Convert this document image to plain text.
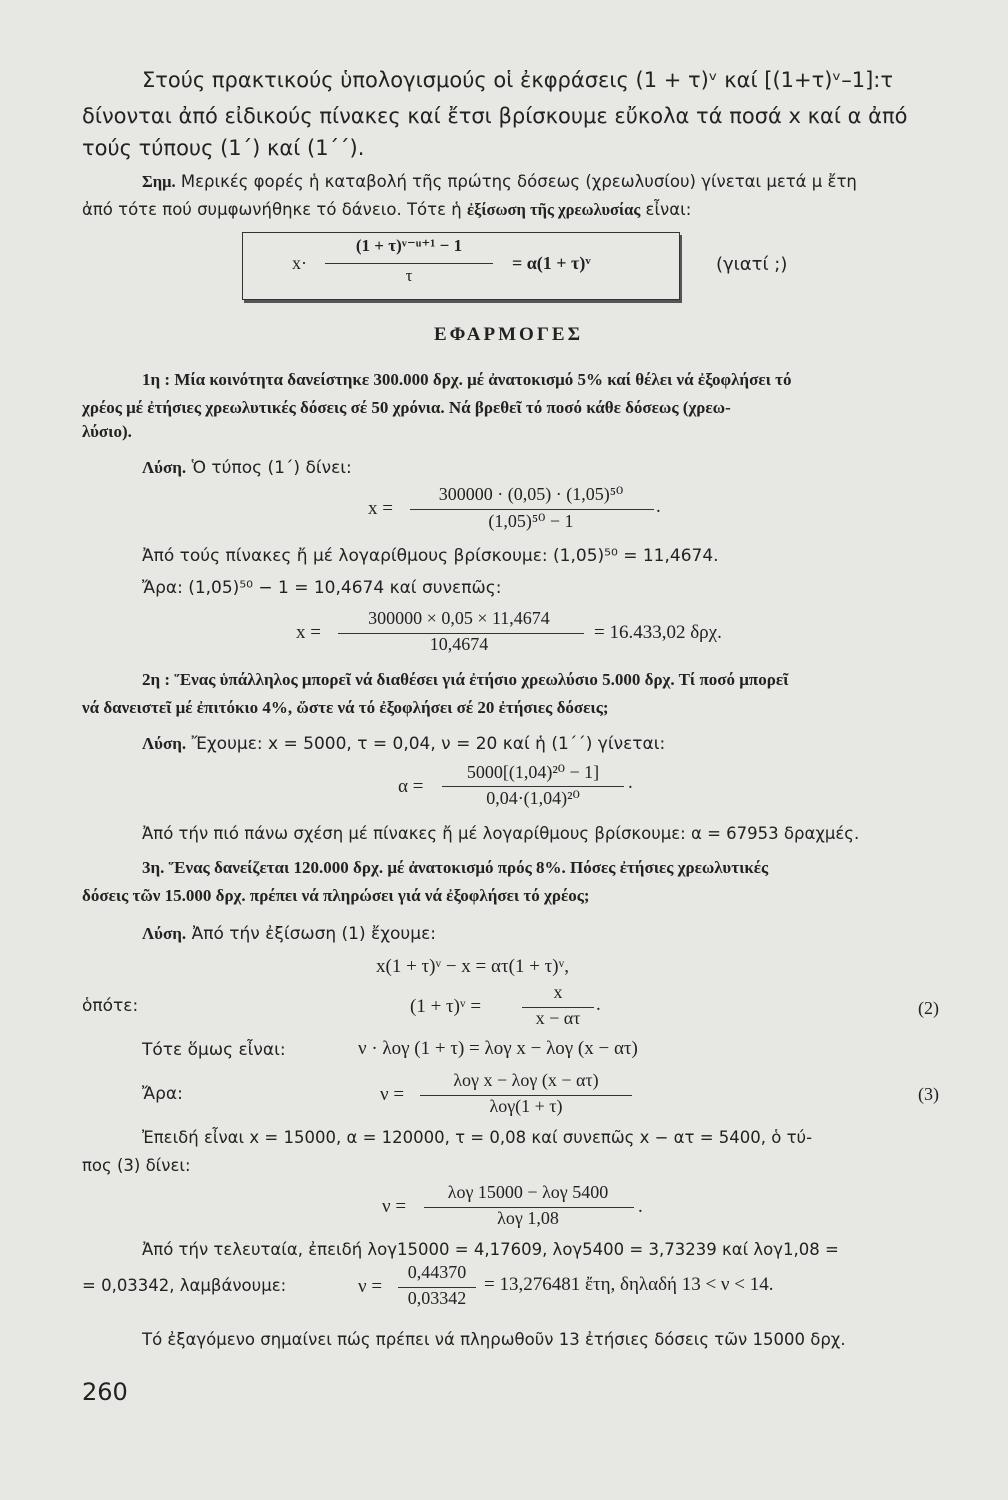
Στούς πρακτικούς ὑπολογισμούς οἱ ἐκφράσεις (1 + τ)ᵛ καί [(1+τ)ᵛ–1]:τ
δίνονται ἀπό εἰδικούς πίνακες καί ἔτσι βρίσκουμε εὔκολα τά ποσά x καί α ἀπό
τούς τύπους (1΄) καί (1΄΄).
Σημ. Μερικές φορές ἡ καταβολή τῆς πρώτης δόσεως (χρεωλυσίου) γίνεται μετά μ ἔτη
ἀπό τότε πού συμφωνήθηκε τό δάνειο. Τότε ἡ ἐξίσωση τῆς χρεωλυσίας εἶναι:
x·
(1 + τ)ᵛ⁻ᵘ⁺¹ − 1
τ
= α(1 + τ)ᵛ	(γιατί ;)
ΕΦΑΡΜΟΓΕΣ
1η : Μία κοινότητα δανείστηκε 300.000 δρχ. μέ ἀνατοκισμό 5% καί θέλει νά ἐξοφλήσει τό
χρέος μέ ἐτήσιες χρεωλυτικές δόσεις σέ 50 χρόνια. Νά βρεθεῖ τό ποσό κάθε δόσεως (χρεω-
λύσιο).
Λύση. Ὁ τύπος (1΄) δίνει:
x =
300000 · (0,05) · (1,05)⁵⁰
(1,05)⁵⁰ − 1
.
Ἀπό τούς πίνακες ἤ μέ λογαρίθμους βρίσκουμε: (1,05)⁵⁰ = 11,4674.
Ἄρα: (1,05)⁵⁰ − 1 = 10,4674 καί συνεπῶς:
x =
300000 × 0,05 × 11,4674
10,4674
= 16.433,02 δρχ.
2η : Ἕνας ὑπάλληλος μπορεῖ νά διαθέσει γιά ἐτήσιο χρεωλύσιο 5.000 δρχ. Τί ποσό μπορεῖ
νά δανειστεῖ μέ ἐπιτόκιο 4%, ὥστε νά τό ἐξοφλήσει σέ 20 ἐτήσιες δόσεις;
Λύση. Ἔχουμε: x = 5000, τ = 0,04, ν = 20 καί ἡ (1΄΄) γίνεται:
α =
5000[(1,04)²⁰ − 1]
0,04·(1,04)²⁰
.
Ἀπό τήν πιό πάνω σχέση μέ πίνακες ἤ μέ λογαρίθμους βρίσκουμε: α = 67953 δραχμές.
3η. Ἕνας δανείζεται 120.000 δρχ. μέ ἀνατοκισμό πρός 8%. Πόσες ἐτήσιες χρεωλυτικές
δόσεις τῶν 15.000 δρχ. πρέπει νά πληρώσει γιά νά ἐξοφλήσει τό χρέος;
Λύση. Ἀπό τήν ἐξίσωση (1) ἔχουμε:
x(1 + τ)ᵛ − x = ατ(1 + τ)ᵛ,
ὁπότε:	(1 + τ)ᵛ =
x
x − ατ
.	(2)
Τότε ὅμως εἶναι:	ν · λογ (1 + τ) = λογ x − λογ (x − ατ)
Ἄρα:	ν =
λογ x − λογ (x − ατ)
λογ(1 + τ)
(3)
Ἐπειδή εἶναι x = 15000, α = 120000, τ = 0,08 καί συνεπῶς x − ατ = 5400, ὁ τύ-
πος (3) δίνει:
ν =
λογ 15000 − λογ 5400
λογ 1,08
.
Ἀπό τήν τελευταία, ἐπειδή λογ15000 = 4,17609, λογ5400 = 3,73239 καί λογ1,08 =
= 0,03342, λαμβάνουμε:	ν =
0,44370
0,03342
= 13,276481 ἔτη, δηλαδή 13 < ν < 14.
Τό ἐξαγόμενο σημαίνει πώς πρέπει νά πληρωθοῦν 13 ἐτήσιες δόσεις τῶν 15000 δρχ.
260
